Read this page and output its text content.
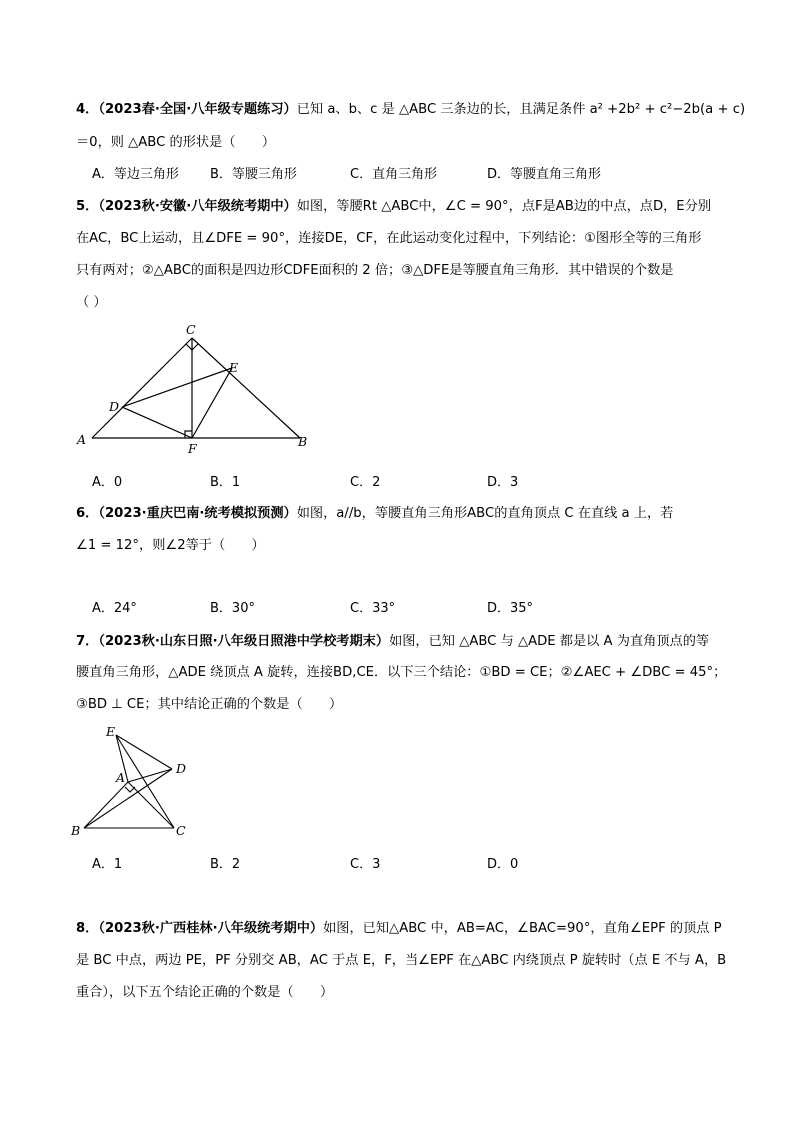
4．（2023春·全国·八年级专题练习）已知 a、b、c 是 △ABC 三条边的长，且满足条件 a² +2b² + c²−2b(a + c)
＝0，则 △ABC 的形状是（　　）
A．等边三角形 B．等腰三角形	C．直角三角形	D．等腰直角三角形
5．（2023秋·安徽·八年级统考期中）如图，等腰Rt △ABC中，∠C = 90°，点F是AB边的中点，点D，E分别
在AC，BC上运动，且∠DFE = 90°，连接DE，CF，在此运动变化过程中，下列结论：①图形全等的三角形
只有两对；②△ABC的面积是四边形CDFE面积的 2 倍；③△DFE是等腰直角三角形．其中错误的个数是
（ ）
C
E
D
A
F	B
A．0	B．1	C．2	D．3
6．（2023·重庆巴南·统考模拟预测）如图，a//b，等腰直角三角形ABC的直角顶点 C 在直线 a 上，若
∠1 = 12°，则∠2等于（　　）
A．24°	B．30°	C．33°	D．35°
7．（2023秋·山东日照·八年级日照港中学校考期末）如图，已知 △ABC 与 △ADE 都是以 A 为直角顶点的等
腰直角三角形，△ADE 绕顶点 A 旋转，连接BD,CE．以下三个结论：①BD = CE；②∠AEC + ∠DBC = 45°；
③BD ⊥ CE；其中结论正确的个数是（　　）
E
D
A
B	C
A．1	B．2	C．3	D．0
8．（2023秋·广西桂林·八年级统考期中）如图，已知△ABC 中，AB=AC，∠BAC=90°，直角∠EPF 的顶点 P
是 BC 中点，两边 PE，PF 分别交 AB，AC 于点 E，F，当∠EPF 在△ABC 内绕顶点 P 旋转时（点 E 不与 A，B
重合），以下五个结论正确的个数是（　　）
